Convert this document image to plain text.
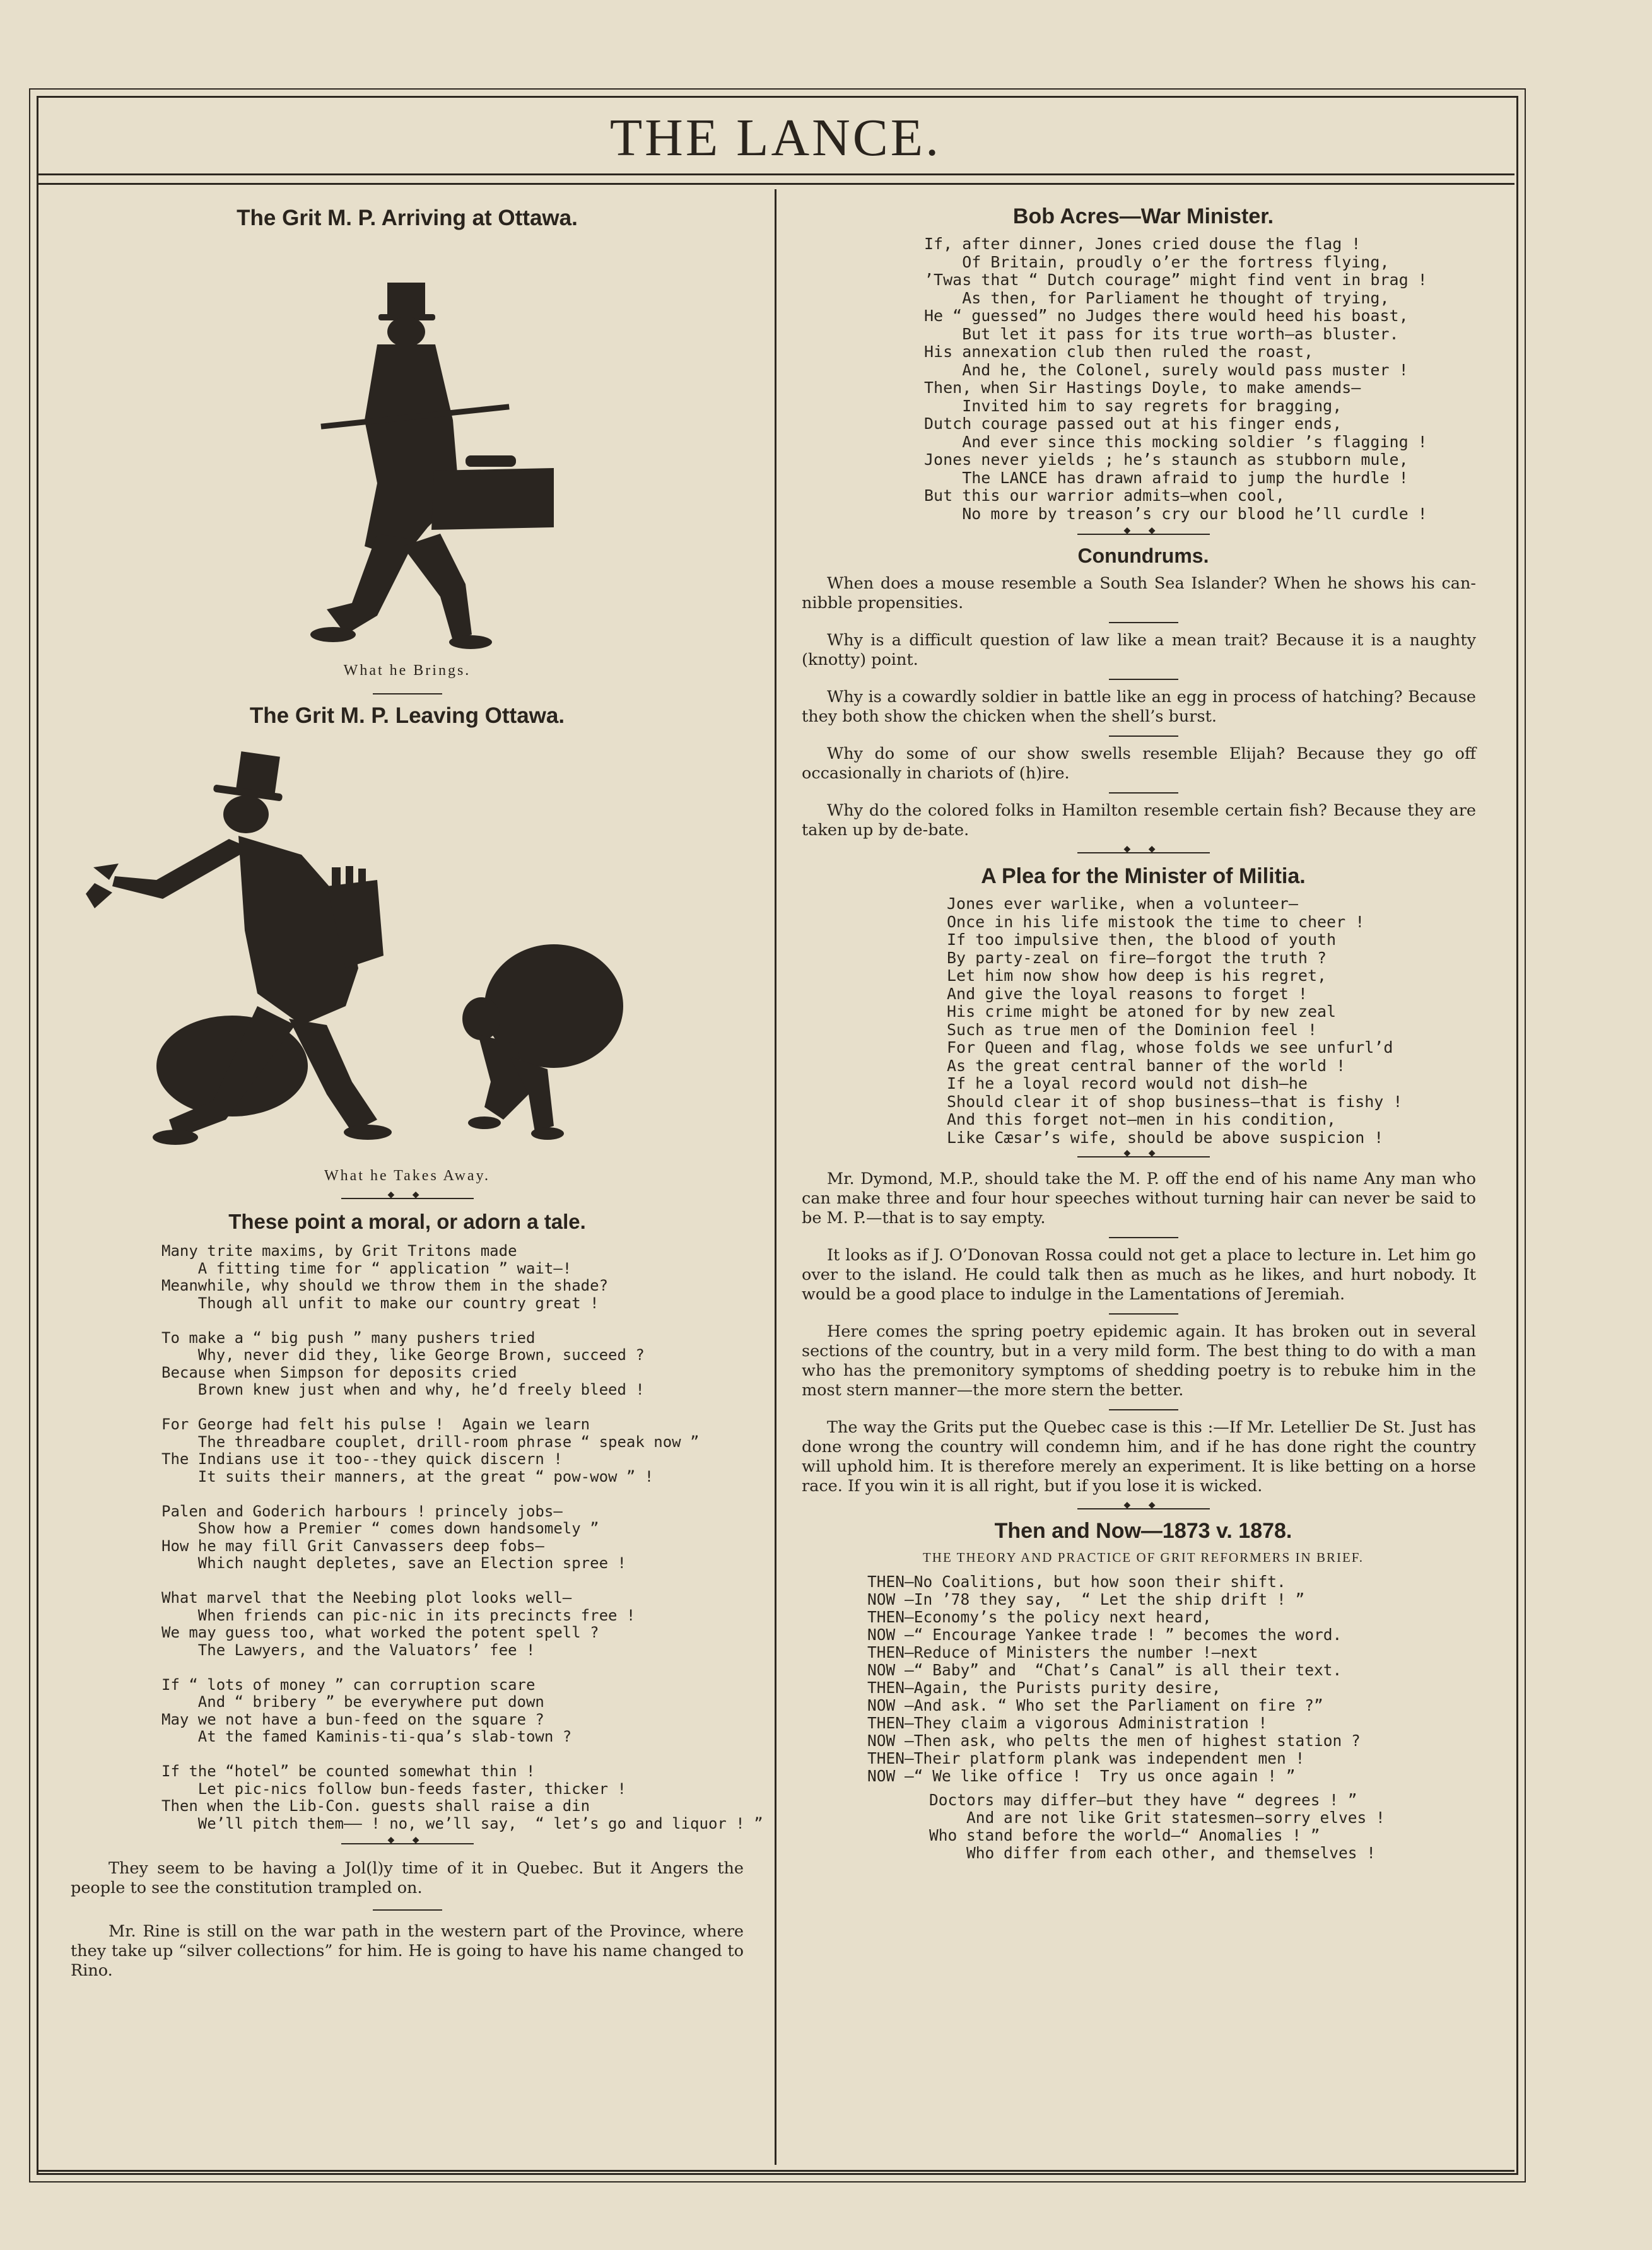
THE LANCE.

The Grit M. P. Arriving at Ottawa.

What he Brings.

The Grit M. P. Leaving Ottawa.

What he Takes Away.

◆ ◆

These point a moral, or adorn a tale.

Many trite maxims, by Grit Tritons made
A fitting time for “ application ” wait—!
Meanwhile, why should we throw them in the shade?
Though all unfit to make our country great !

To make a “ big push ” many pushers tried
Why, never did they, like George Brown, succeed ?
Because when Simpson for deposits cried
Brown knew just when and why, he’d freely bleed !

For George had felt his pulse !  Again we learn
The threadbare couplet, drill-room phrase “ speak now ”
The Indians use it too--they quick discern !
It suits their manners, at the great “ pow-wow ” !

Palen and Goderich harbours ! princely jobs—
Show how a Premier “ comes down handsomely ”
How he may fill Grit Canvassers deep fobs—
Which naught depletes, save an Election spree !

What marvel that the Neebing plot looks well—
When friends can pic-nic in its precincts free !
We may guess too, what worked the potent spell ?
The Lawyers, and the Valuators’ fee !

If “ lots of money ” can corruption scare
And “ bribery ” be everywhere put down
May we not have a bun-feed on the square ?
At the famed Kaminis-ti-qua’s slab-town ?

If the “hotel” be counted somewhat thin !
Let pic-nics follow bun-feeds faster, thicker !
Then when the Lib-Con. guests shall raise a din
We’ll pitch them—— ! no, we’ll say,  “ let’s go and liquor ! ”
◆ ◆

They seem to be having a Jol(l)y time of it in Quebec. But it Angers the people to see the constitution trampled on.

Mr. Rine is still on the war path in the western part of the Province, where they take up “silver collections” for him. He is going to have his name changed to Rino.

Bob Acres—War Minister.

If, after dinner, Jones cried douse the flag !
Of Britain, proudly o’er the fortress flying,
’Twas that “ Dutch courage” might find vent in brag !
As then, for Parliament he thought of trying,
He “ guessed” no Judges there would heed his boast,
But let it pass for its true worth—as bluster.
His annexation club then ruled the roast,
And he, the Colonel, surely would pass muster !
Then, when Sir Hastings Doyle, to make amends—
Invited him to say regrets for bragging,
Dutch courage passed out at his finger ends,
And ever since this mocking soldier ’s flagging !
Jones never yields ; he’s staunch as stubborn mule,
The LANCE has drawn afraid to jump the hurdle !
But this our warrior admits—when cool,
No more by treason’s cry our blood he’ll curdle !
◆ ◆

Conundrums.

When does a mouse resemble a South Sea Islander? When he shows his can-nibble propensities.

Why is a difficult question of law like a mean trait? Because it is a naughty (knotty) point.

Why is a cowardly soldier in battle like an egg in process of hatching? Because they both show the chicken when the shell’s burst.

Why do some of our show swells resemble Elijah? Because they go off occasionally in chariots of (h)ire.

Why do the colored folks in Hamilton resemble certain fish? Because they are taken up by de-bate.

◆ ◆

A Plea for the Minister of Militia.

Jones ever warlike, when a volunteer—
Once in his life mistook the time to cheer !
If too impulsive then, the blood of youth
By party-zeal on fire—forgot the truth ?
Let him now show how deep is his regret,
And give the loyal reasons to forget !
His crime might be atoned for by new zeal
Such as true men of the Dominion feel !
For Queen and flag, whose folds we see unfurl’d
As the great central banner of the world !
If he a loyal record would not dish—he
Should clear it of shop business—that is fishy !
And this forget not—men in his condition,
Like Cæsar’s wife, should be above suspicion !
◆ ◆

Mr. Dymond, M.P., should take the M. P. off the end of his name Any man who can make three and four hour speeches without turning hair can never be said to be M. P.—that is to say empty.

It looks as if J. O’Donovan Rossa could not get a place to lecture in. Let him go over to the island. He could talk then as much as he likes, and hurt nobody. It would be a good place to indulge in the Lamentations of Jeremiah.

Here comes the spring poetry epidemic again. It has broken out in several sections of the country, but in a very mild form. The best thing to do with a man who has the premonitory symptoms of shedding poetry is to rebuke him in the most stern manner—the more stern the better.

The way the Grits put the Quebec case is this :—If Mr. Letellier De St. Just has done wrong the country will condemn him, and if he has done right the country will uphold him. It is therefore merely an experiment. It is like betting on a horse race. If you win it is all right, but if you lose it is wicked.

◆ ◆

Then and Now—1873 v. 1878.

THE THEORY AND PRACTICE OF GRIT REFORMERS IN BRIEF.

THEN—No Coalitions, but how soon their shift.
NOW —In ’78 they say,  “ Let the ship drift ! ”
THEN—Economy’s the policy next heard,
NOW —“ Encourage Yankee trade ! ” becomes the word.
THEN—Reduce of Ministers the number !—next
NOW —“ Baby” and  “Chat’s Canal” is all their text.
THEN—Again, the Purists purity desire,
NOW —And ask. “ Who set the Parliament on fire ?”
THEN—They claim a vigorous Administration !
NOW —Then ask, who pelts the men of highest station ?
THEN—Their platform plank was independent men !
NOW —“ We like office !  Try us once again ! ”
Doctors may differ—but they have “ degrees ! ”
And are not like Grit statesmen—sorry elves !
Who stand before the world—“ Anomalies ! ”
Who differ from each other, and themselves !
